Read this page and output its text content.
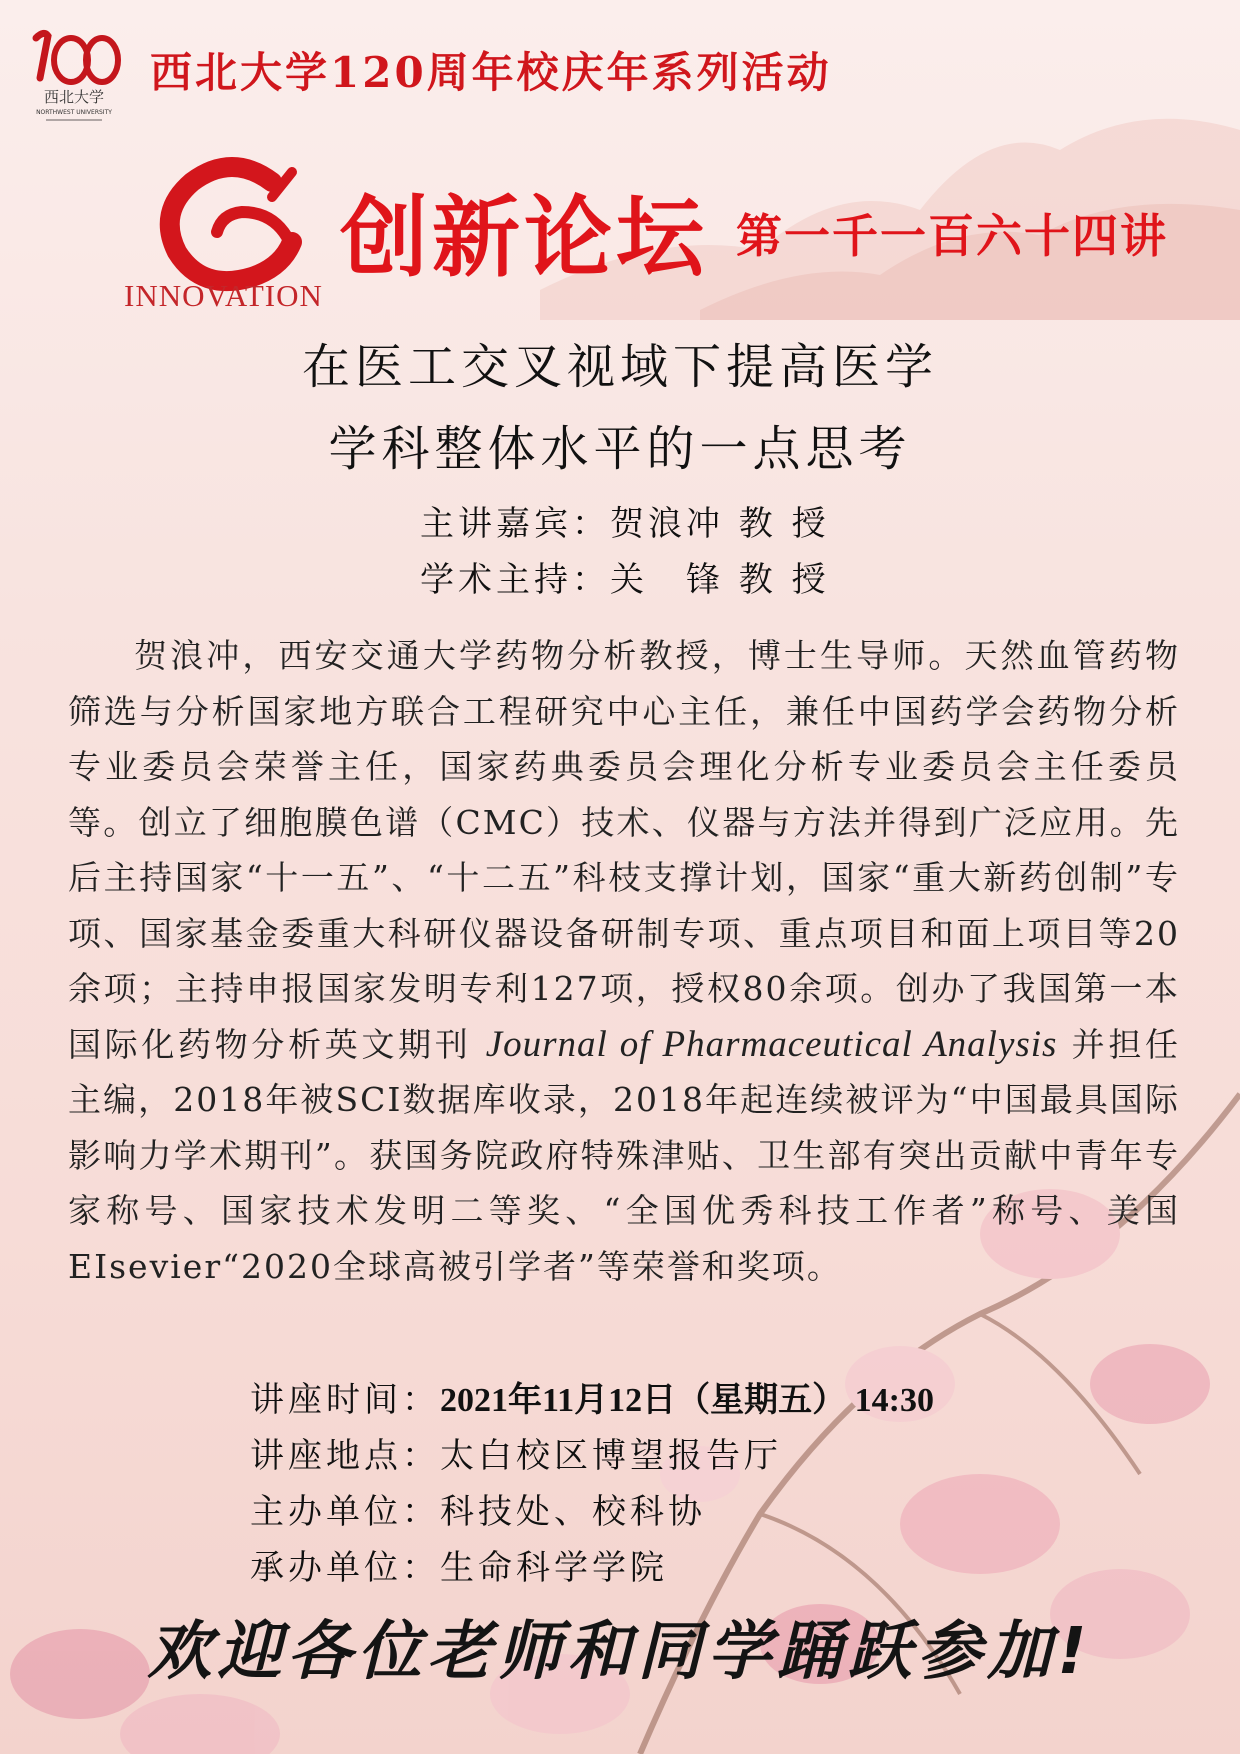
西北大学
NORTHWEST UNIVERSITY
西北大学120周年校庆年系列活动
INNOVATION
创新论坛 第一千一百六十四讲
在医工交叉视域下提高医学
学科整体水平的一点思考
主讲嘉宾：贺浪冲 教 授
学术主持：关　锋 教 授

贺浪冲，西安交通大学药物分析教授，博士生导师。天然血管药物筛选与分析国家地方联合工程研究中心主任，兼任中国药学会药物分析专业委员会荣誉主任，国家药典委员会理化分析专业委员会主任委员等。创立了细胞膜色谱（CMC）技术、仪器与方法并得到广泛应用。先后主持国家“十一五”、“十二五”科枝支撑计划，国家“重大新药创制”专项、国家基金委重大科研仪器设备研制专项、重点项目和面上项目等20余项；主持申报国家发明专利127项，授权80余项。创办了我国第一本国际化药物分析英文期刊 Journal of Pharmaceutical Analysis 并担任主编，2018年被SCI数据库收录，2018年起连续被评为“中国最具国际影响力学术期刊”。获国务院政府特殊津贴、卫生部有突出贡献中青年专家称号、国家技术发明二等奖、“全国优秀科技工作者”称号、美国EIsevier“2020全球高被引学者”等荣誉和奖项。

讲座时间：2021年11月12日（星期五） 14:30
讲座地点：太白校区博望报告厅
主办单位：科技处、校科协
承办单位：生命科学学院
欢迎各位老师和同学踊跃参加!
